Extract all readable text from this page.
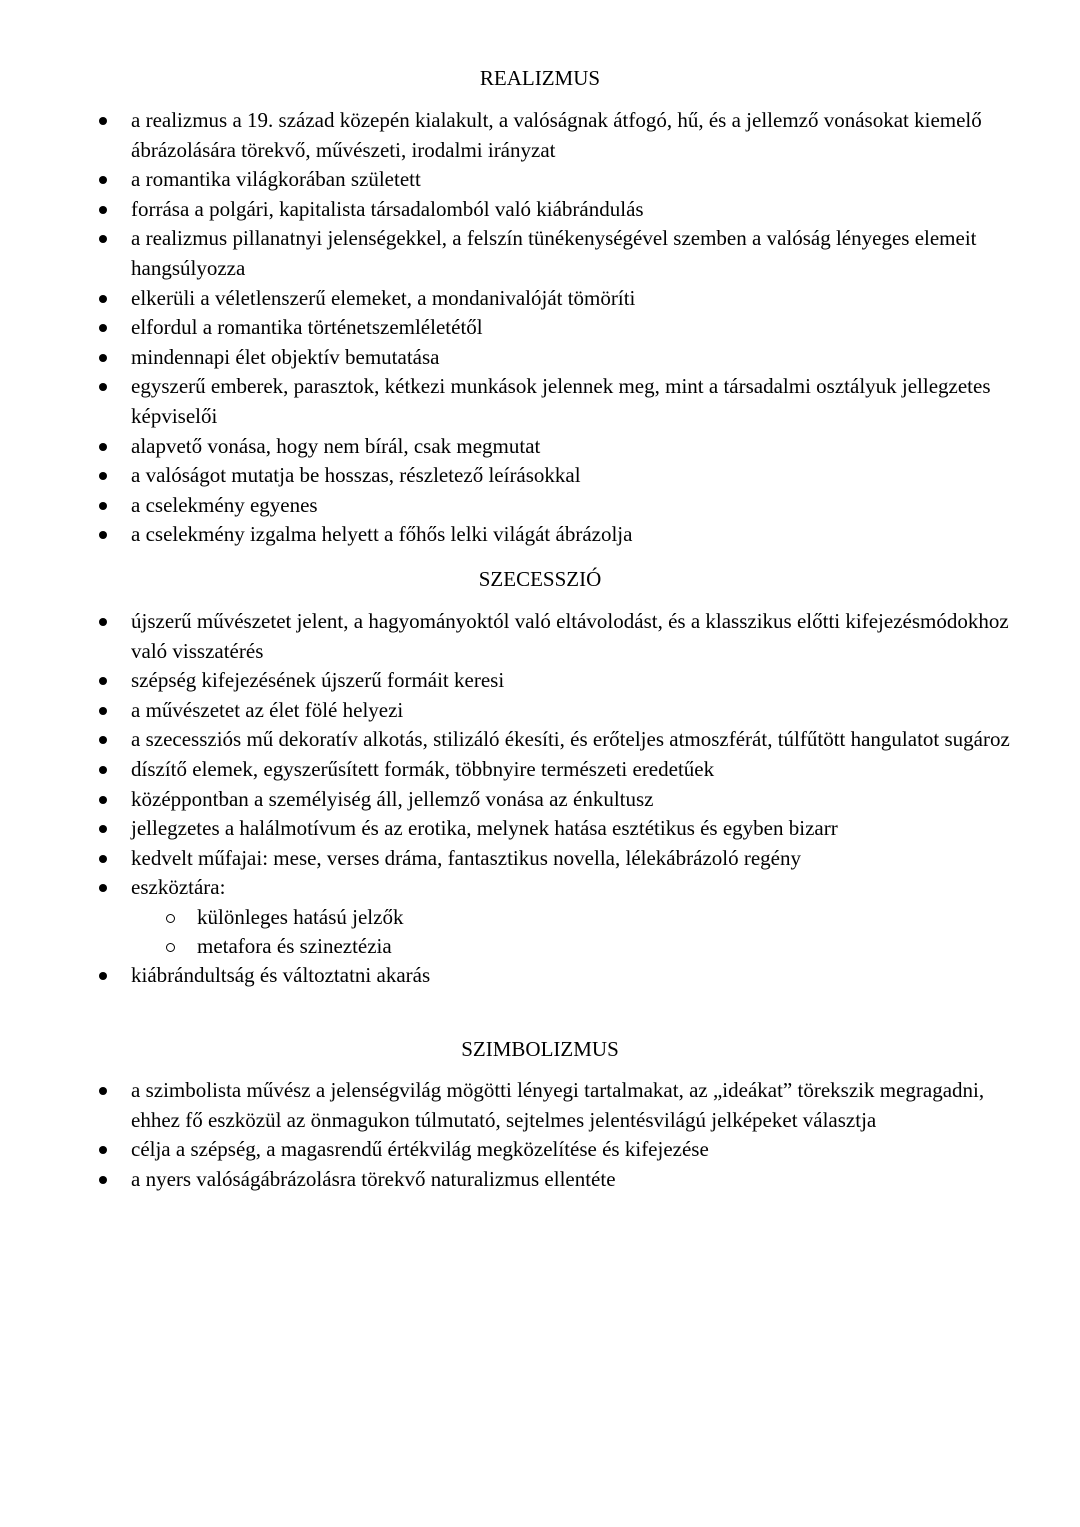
REALIZMUS
a realizmus a 19. század közepén kialakult, a valóságnak átfogó, hű, és a jellemző vonásokat kiemelő ábrázolására törekvő, művészeti, irodalmi irányzat
a romantika világkorában született
forrása a polgári, kapitalista társadalomból való kiábrándulás
a realizmus pillanatnyi jelenségekkel, a felszín tünékenységével szemben a valóság lényeges elemeit hangsúlyozza
elkerüli a véletlenszerű elemeket, a mondanivalóját tömöríti
elfordul a romantika történetszemléletétől
mindennapi élet objektív bemutatása
egyszerű emberek, parasztok, kétkezi munkások jelennek meg, mint a társadalmi osztályuk jellegzetes képviselői
alapvető vonása, hogy nem bírál, csak megmutat
a valóságot mutatja be hosszas, részletező leírásokkal
a cselekmény egyenes
a cselekmény izgalma helyett a főhős lelki világát ábrázolja
SZECESSZIÓ
újszerű művészetet jelent, a hagyományoktól való eltávolodást, és a klasszikus előtti kifejezésmódokhoz való visszatérés
szépség kifejezésének újszerű formáit keresi
a művészetet az élet fölé helyezi
a szecessziós mű dekoratív alkotás, stilizáló ékesíti, és erőteljes atmoszférát, túlfűtött hangulatot sugároz
díszítő elemek, egyszerűsített formák, többnyire természeti eredetűek
középpontban a személyiség áll, jellemző vonása az énkultusz
jellegzetes a halálmotívum és az erotika, melynek hatása esztétikus és egyben bizarr
kedvelt műfajai: mese, verses dráma, fantasztikus novella, lélekábrázoló regény
eszköztára:
különleges hatású jelzők
metafora és szineztézia
kiábrándultság és változtatni akarás
SZIMBOLIZMUS
a szimbolista művész a jelenségvilág mögötti lényegi tartalmakat, az „ideákat” törekszik megragadni, ehhez fő eszközül az önmagukon túlmutató, sejtelmes jelentésvilágú jelképeket választja
célja a szépség, a magasrendű értékvilág megközelítése és kifejezése
a nyers valóságábrázolásra törekvő naturalizmus ellentéte
